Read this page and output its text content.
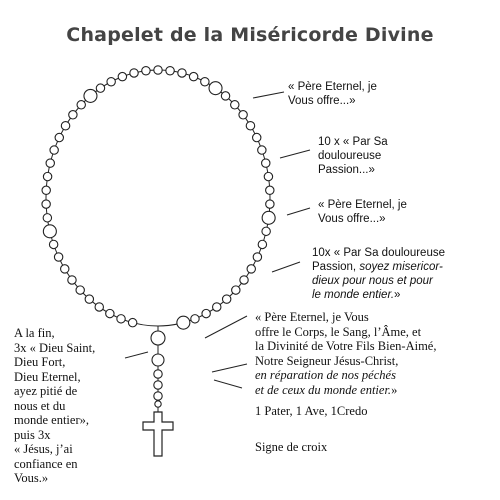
Chapelet de la Miséricorde Divine
« Père Eternel, je
Vous offre...»
10 x « Par Sa
douloureuse
Passion...»
« Père Eternel, je
Vous offre...»
10x « Par Sa douloureuse
Passion, soyez misericor-
dieux pour nous et pour
le monde entier.»
« Père Eternel, je Vous
offre le Corps, le Sang, l’Âme, et
la Divinité de Votre Fils Bien-Aimé,
Notre Seigneur Jésus-Christ,
en réparation de nos péchés
et de ceux du monde entier.»
A la fin,
3x « Dieu Saint,
Dieu Fort,
Dieu Eternel,
ayez pitié de
nous et du
monde entier»,
puis 3x
« Jésus, j’ai
confiance en
Vous.»
1 Pater, 1 Ave, 1Credo
Signe de croix
